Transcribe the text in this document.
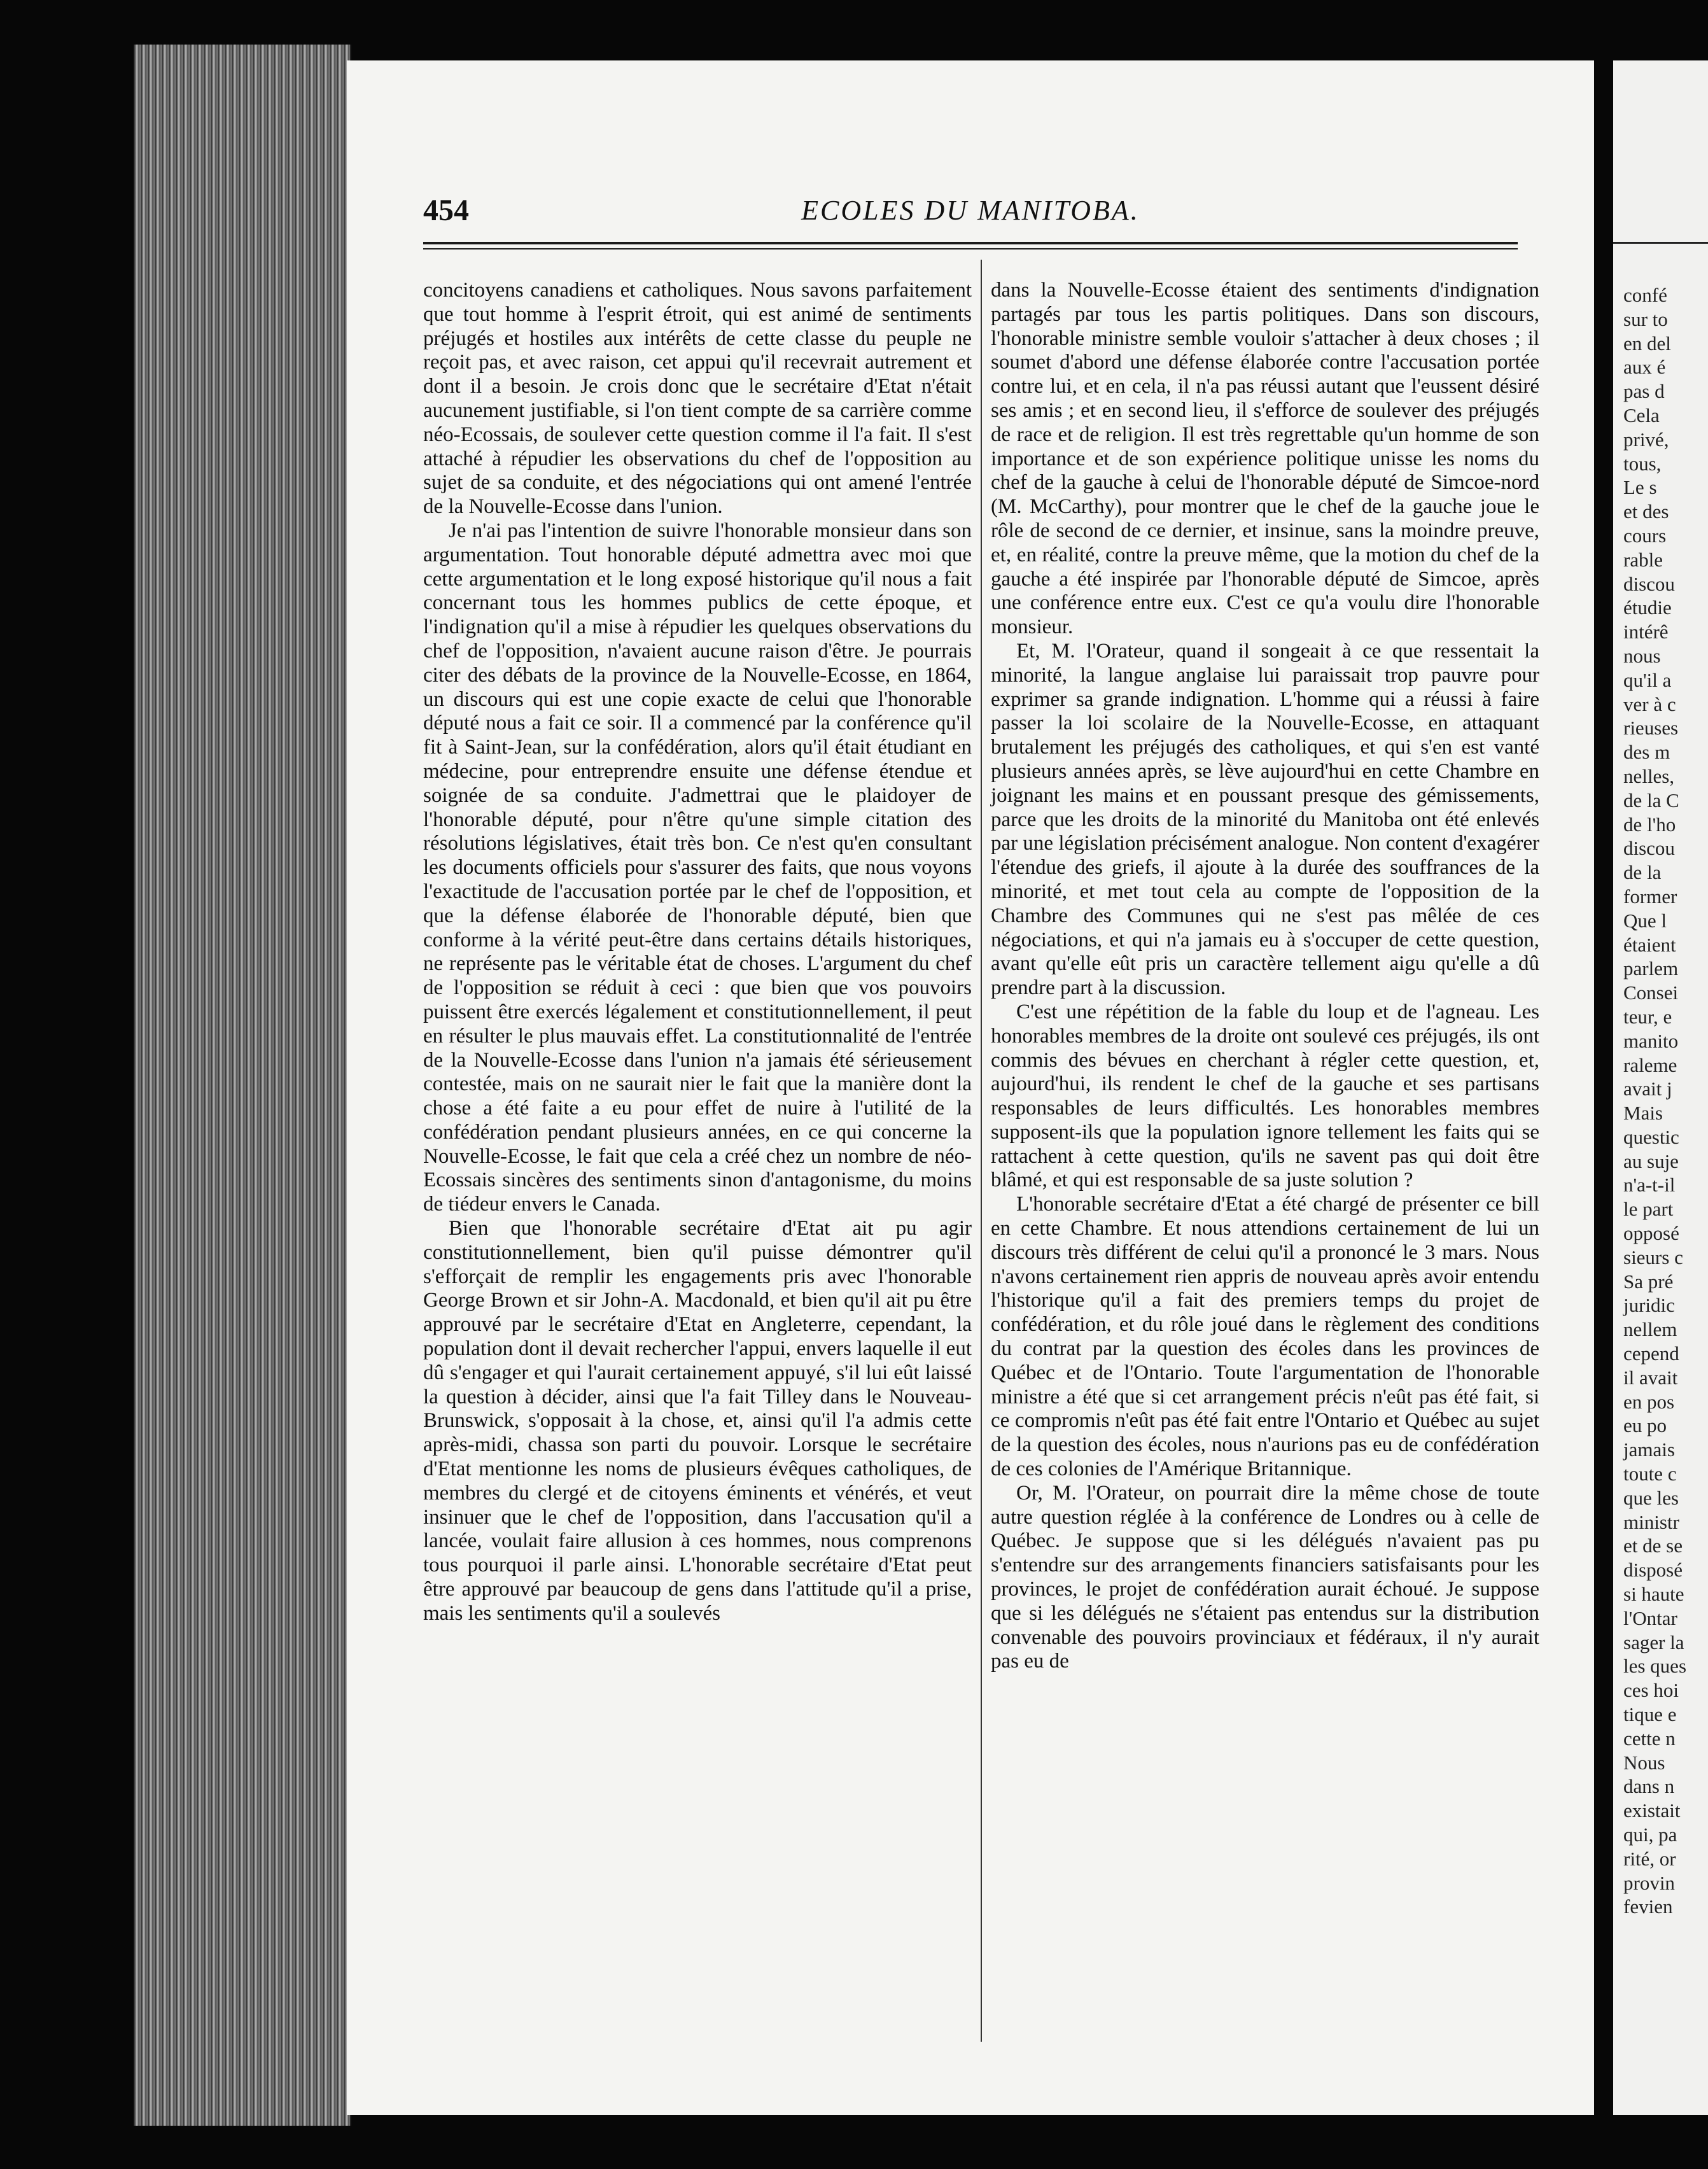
454	ECOLES DU MANITOBA.

concitoyens canadiens et catholiques. Nous savons parfaitement que tout homme à l'esprit étroit, qui est animé de sentiments préjugés et hostiles aux intérêts de cette classe du peuple ne reçoit pas, et avec raison, cet appui qu'il recevrait autrement et dont il a besoin. Je crois donc que le secrétaire d'Etat n'était aucunement justifiable, si l'on tient compte de sa carrière comme néo-Ecossais, de soulever cette question comme il l'a fait. Il s'est attaché à répudier les observations du chef de l'opposition au sujet de sa conduite, et des négociations qui ont amené l'entrée de la Nouvelle-Ecosse dans l'union.

Je n'ai pas l'intention de suivre l'honorable monsieur dans son argumentation. Tout honorable député admettra avec moi que cette argumentation et le long exposé historique qu'il nous a fait concernant tous les hommes publics de cette époque, et l'indignation qu'il a mise à répudier les quelques observations du chef de l'opposition, n'avaient aucune raison d'être. Je pourrais citer des débats de la province de la Nouvelle-Ecosse, en 1864, un discours qui est une copie exacte de celui que l'honorable député nous a fait ce soir. Il a commencé par la conférence qu'il fit à Saint-Jean, sur la confédération, alors qu'il était étudiant en médecine, pour entreprendre ensuite une défense étendue et soignée de sa conduite. J'admettrai que le plaidoyer de l'honorable député, pour n'être qu'une simple citation des résolutions législatives, était très bon. Ce n'est qu'en consultant les documents officiels pour s'assurer des faits, que nous voyons l'exactitude de l'accusation portée par le chef de l'opposition, et que la défense élaborée de l'honorable député, bien que conforme à la vérité peut-être dans certains détails historiques, ne représente pas le véritable état de choses. L'argument du chef de l'opposition se réduit à ceci : que bien que vos pouvoirs puissent être exercés légalement et constitutionnellement, il peut en résulter le plus mauvais effet. La constitutionnalité de l'entrée de la Nouvelle-Ecosse dans l'union n'a jamais été sérieusement contestée, mais on ne saurait nier le fait que la manière dont la chose a été faite a eu pour effet de nuire à l'utilité de la confédération pendant plusieurs années, en ce qui concerne la Nouvelle-Ecosse, le fait que cela a créé chez un nombre de néo-Ecossais sincères des sentiments sinon d'antagonisme, du moins de tiédeur envers le Canada.

Bien que l'honorable secrétaire d'Etat ait pu agir constitutionnellement, bien qu'il puisse démontrer qu'il s'efforçait de remplir les engagements pris avec l'honorable George Brown et sir John-A. Macdonald, et bien qu'il ait pu être approuvé par le secrétaire d'Etat en Angleterre, cependant, la population dont il devait rechercher l'appui, envers laquelle il eut dû s'engager et qui l'aurait certainement appuyé, s'il lui eût laissé la question à décider, ainsi que l'a fait Tilley dans le Nouveau-Brunswick, s'opposait à la chose, et, ainsi qu'il l'a admis cette après-midi, chassa son parti du pouvoir. Lorsque le secrétaire d'Etat mentionne les noms de plusieurs évêques catholiques, de membres du clergé et de citoyens éminents et vénérés, et veut insinuer que le chef de l'opposition, dans l'accusation qu'il a lancée, voulait faire allusion à ces hommes, nous comprenons tous pourquoi il parle ainsi. L'honorable secrétaire d'Etat peut être approuvé par beaucoup de gens dans l'attitude qu'il a prise, mais les sentiments qu'il a soulevés

dans la Nouvelle-Ecosse étaient des sentiments d'indignation partagés par tous les partis politiques. Dans son discours, l'honorable ministre semble vouloir s'attacher à deux choses ; il soumet d'abord une défense élaborée contre l'accusation portée contre lui, et en cela, il n'a pas réussi autant que l'eussent désiré ses amis ; et en second lieu, il s'efforce de soulever des préjugés de race et de religion. Il est très regrettable qu'un homme de son importance et de son expérience politique unisse les noms du chef de la gauche à celui de l'honorable député de Simcoe-nord (M. McCarthy), pour montrer que le chef de la gauche joue le rôle de second de ce dernier, et insinue, sans la moindre preuve, et, en réalité, contre la preuve même, que la motion du chef de la gauche a été inspirée par l'honorable député de Simcoe, après une conférence entre eux. C'est ce qu'a voulu dire l'honorable monsieur.

Et, M. l'Orateur, quand il songeait à ce que ressentait la minorité, la langue anglaise lui paraissait trop pauvre pour exprimer sa grande indignation. L'homme qui a réussi à faire passer la loi scolaire de la Nouvelle-Ecosse, en attaquant brutalement les préjugés des catholiques, et qui s'en est vanté plusieurs années après, se lève aujourd'hui en cette Chambre en joignant les mains et en poussant presque des gémissements, parce que les droits de la minorité du Manitoba ont été enlevés par une législation précisément analogue. Non content d'exagérer l'étendue des griefs, il ajoute à la durée des souffrances de la minorité, et met tout cela au compte de l'opposition de la Chambre des Communes qui ne s'est pas mêlée de ces négociations, et qui n'a jamais eu à s'occuper de cette question, avant qu'elle eût pris un caractère tellement aigu qu'elle a dû prendre part à la discussion.

C'est une répétition de la fable du loup et de l'agneau. Les honorables membres de la droite ont soulevé ces préjugés, ils ont commis des bévues en cherchant à régler cette question, et, aujourd'hui, ils rendent le chef de la gauche et ses partisans responsables de leurs difficultés. Les honorables membres supposent-ils que la population ignore tellement les faits qui se rattachent à cette question, qu'ils ne savent pas qui doit être blâmé, et qui est responsable de sa juste solution ?

L'honorable secrétaire d'Etat a été chargé de présenter ce bill en cette Chambre. Et nous attendions certainement de lui un discours très différent de celui qu'il a prononcé le 3 mars. Nous n'avons certainement rien appris de nouveau après avoir entendu l'historique qu'il a fait des premiers temps du projet de confédération, et du rôle joué dans le règlement des conditions du contrat par la question des écoles dans les provinces de Québec et de l'Ontario. Toute l'argumentation de l'honorable ministre a été que si cet arrangement précis n'eût pas été fait, si ce compromis n'eût pas été fait entre l'Ontario et Québec au sujet de la question des écoles, nous n'aurions pas eu de confédération de ces colonies de l'Amérique Britannique.

Or, M. l'Orateur, on pourrait dire la même chose de toute autre question réglée à la conférence de Londres ou à celle de Québec. Je suppose que si les délégués n'avaient pas pu s'entendre sur des arrangements financiers satisfaisants pour les provinces, le projet de confédération aurait échoué. Je suppose que si les délégués ne s'étaient pas entendus sur la distribution convenable des pouvoirs provinciaux et fédéraux, il n'y aurait pas eu de

confé
sur to
en del
aux é
pas d
Cela
privé,
tous,
Le s
et des
cours
rable
discou
étudie
intérê
nous
qu'il a
ver à c
rieuses
des m
nelles,
de la C
de l'ho
discou
de la
former
Que l
étaient
parlem
Consei
teur, e
manito
raleme
avait j
Mais
questic
au suje
n'a-t-il
le part
opposé
sieurs c
Sa pré
juridic
nellem
cepend
il avait
en pos
eu po
jamais
toute c
que les
ministr
et de se
disposé
si haute
l'Ontar
sager la
les ques
ces hoi
tique e
cette n
Nous
dans n
existait
qui, pa
rité, or
provin
fevien
